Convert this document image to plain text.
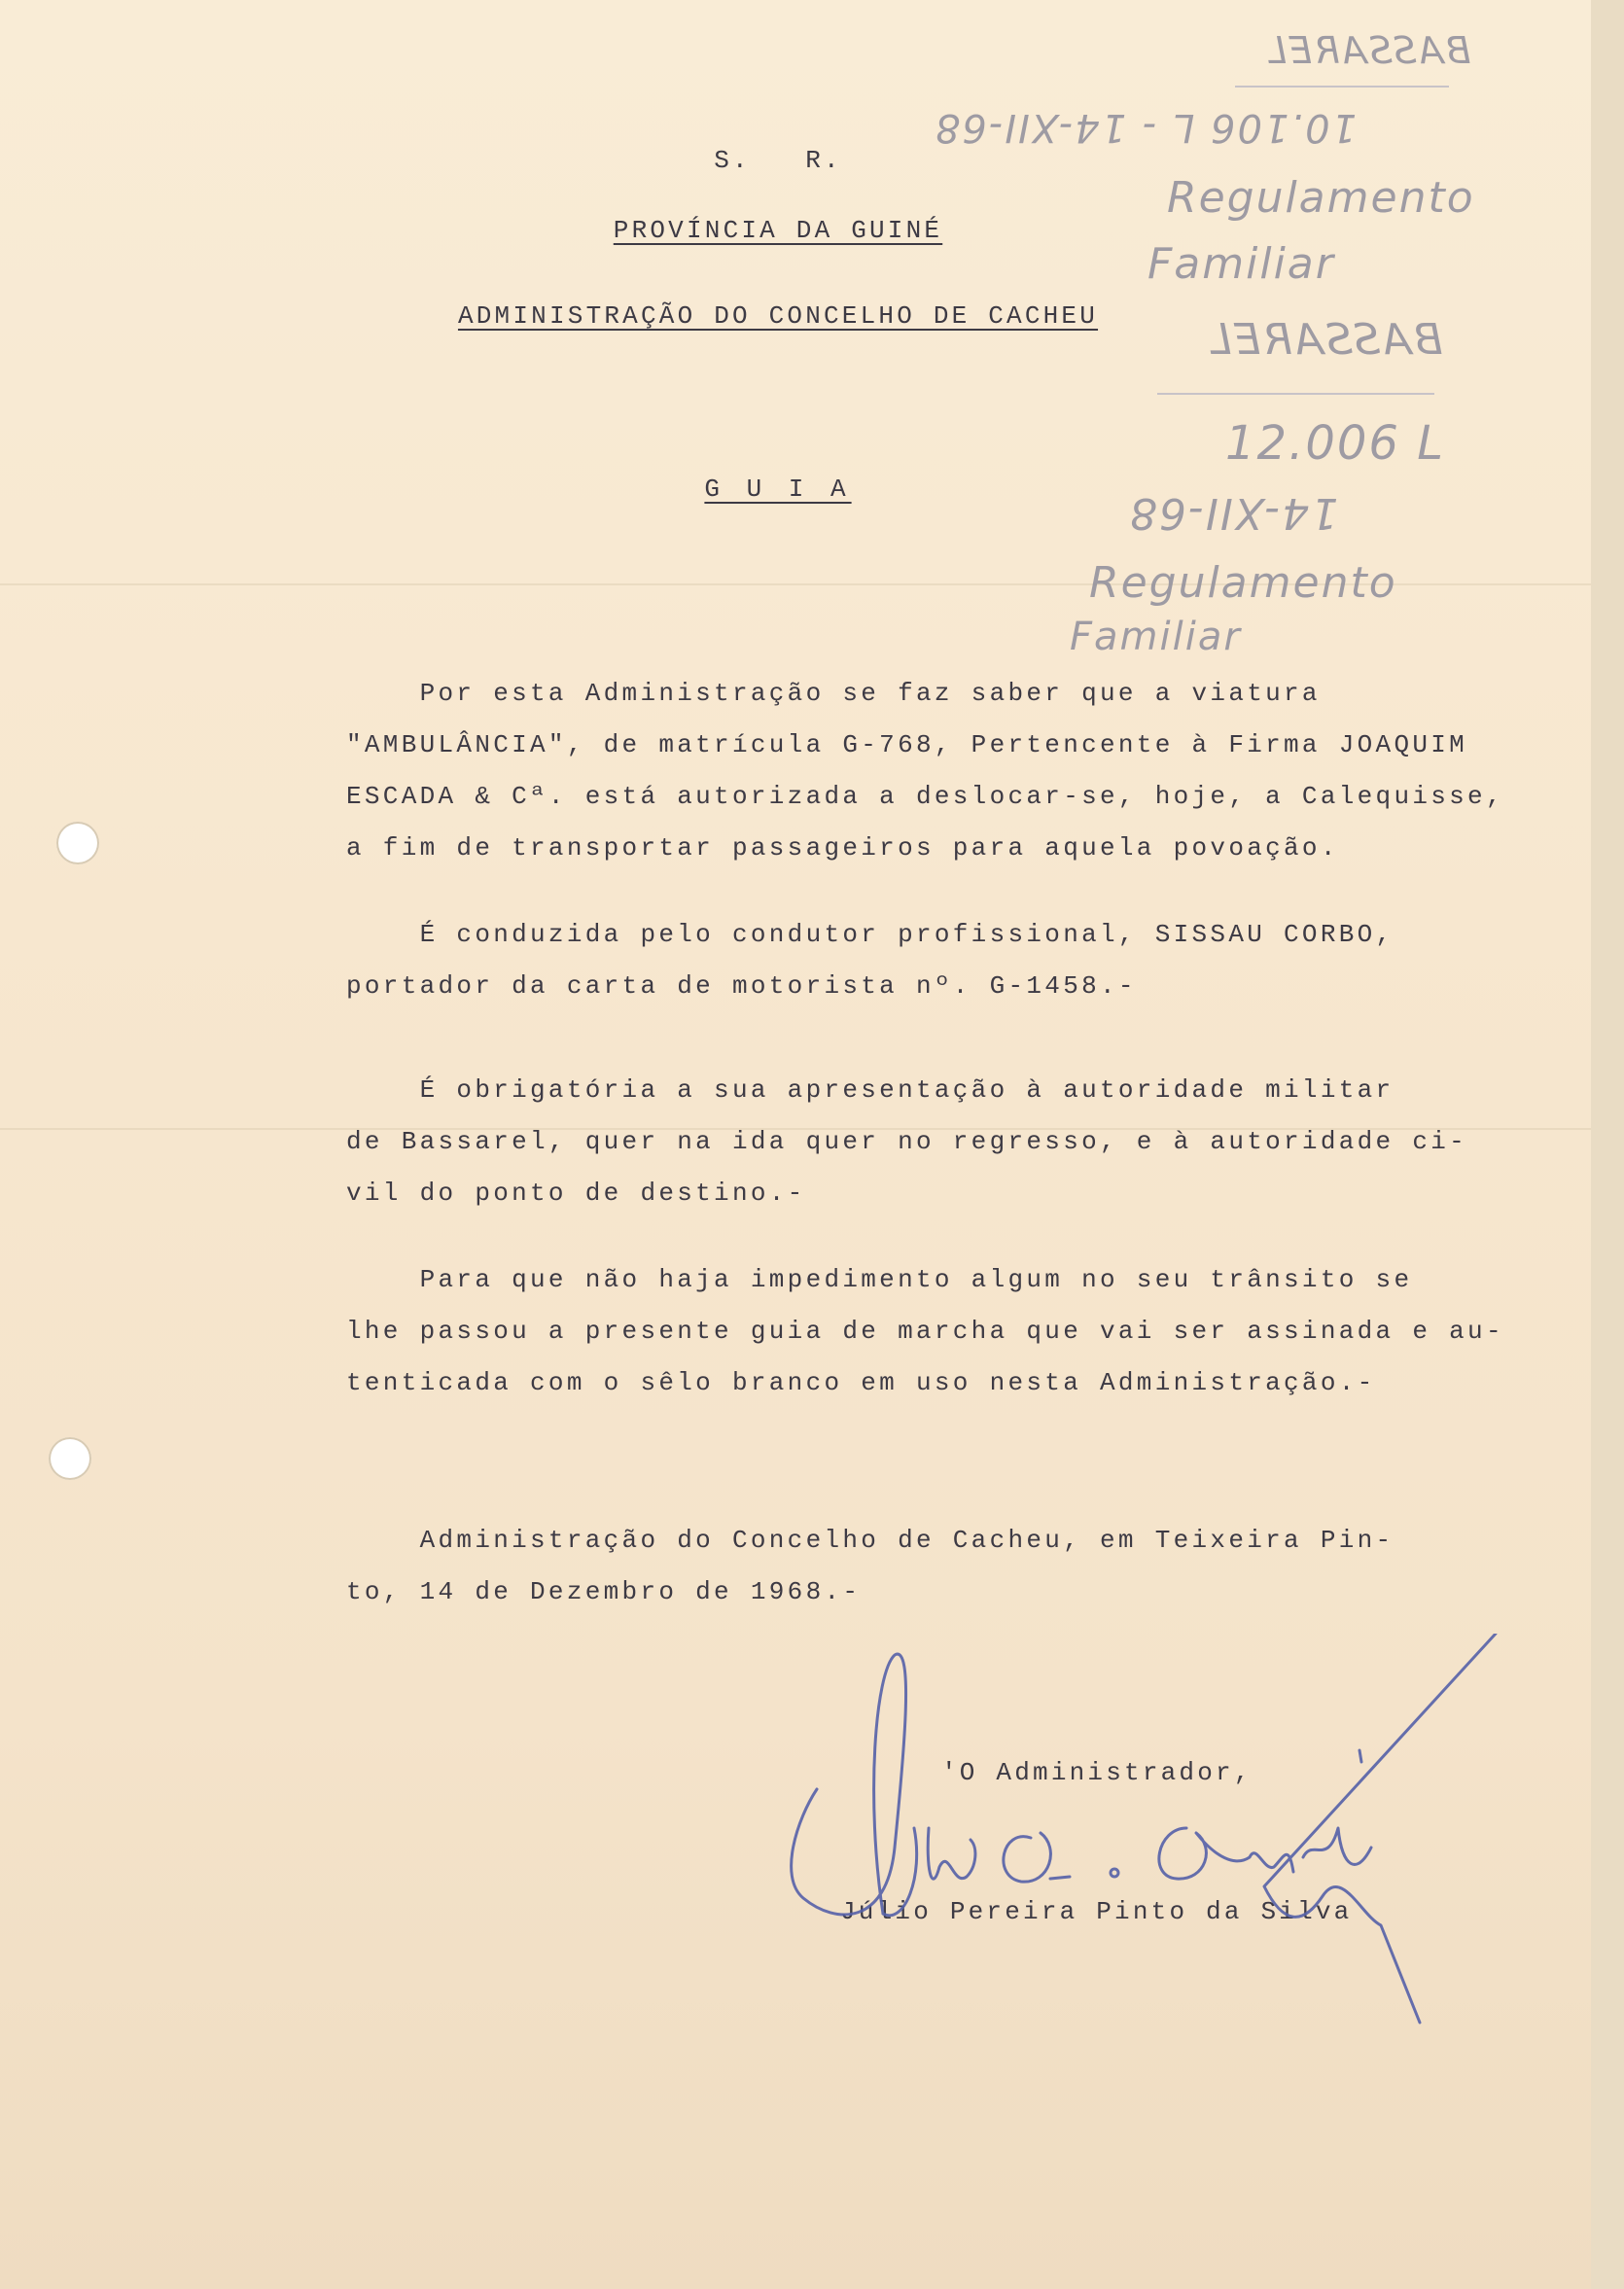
BASSAREL
10.106 L - 14-XII-68
Regulamento
Familiar
BASSAREL
12.006 L
14-XII-68
Regulamento
Familiar

S.   R.

PROVÍNCIA DA GUINÉ

ADMINISTRAÇÃO DO CONCELHO DE CACHEU

G U I A

Por esta Administração se faz saber que a viatura

"AMBULÂNCIA", de matrícula G-768, Pertencente à Firma JOAQUIM

ESCADA & Cª. está autorizada a deslocar-se, hoje, a Calequisse,

a fim de transportar passageiros para aquela povoação.

É conduzida pelo condutor profissional, SISSAU CORBO,

portador da carta de motorista nº. G-1458.-

É obrigatória a sua apresentação à autoridade militar

de Bassarel, quer na ida quer no regresso, e à autoridade ci-

vil do ponto de destino.-

Para que não haja impedimento algum no seu trânsito se

lhe passou a presente guia de marcha que vai ser assinada e au-

tenticada com o sêlo branco em uso nesta Administração.-

Administração do Concelho de Cacheu, em Teixeira Pin-

to, 14 de Dezembro de 1968.-

'O Administrador,

Júlio Pereira Pinto da Silva
